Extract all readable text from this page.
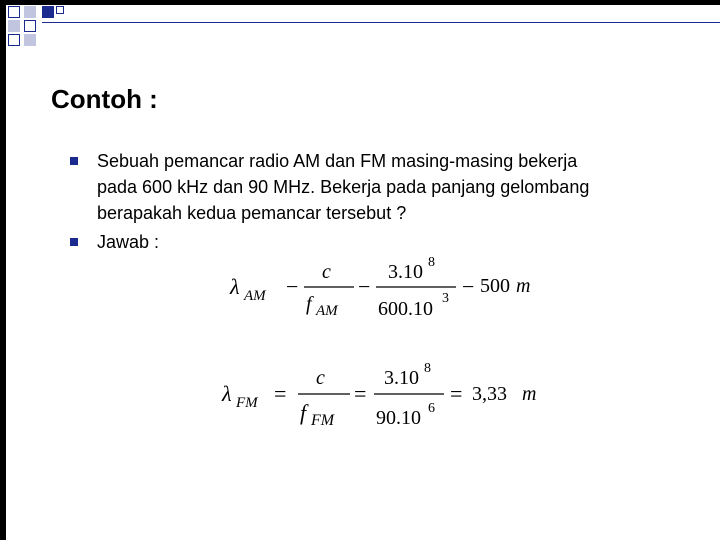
Contoh :
Sebuah pemancar radio AM dan FM masing-masing bekerja
pada 600 kHz dan 90 MHz. Bekerja pada panjang gelombang
berapakah kedua pemancar tersebut ?
Jawab :
λ AM −
c
f AM
−
3.10 8
600.10 3 − 500 m
λ FM =
c
f FM
=
3.10 8
90.10 6
= 3,33 m
